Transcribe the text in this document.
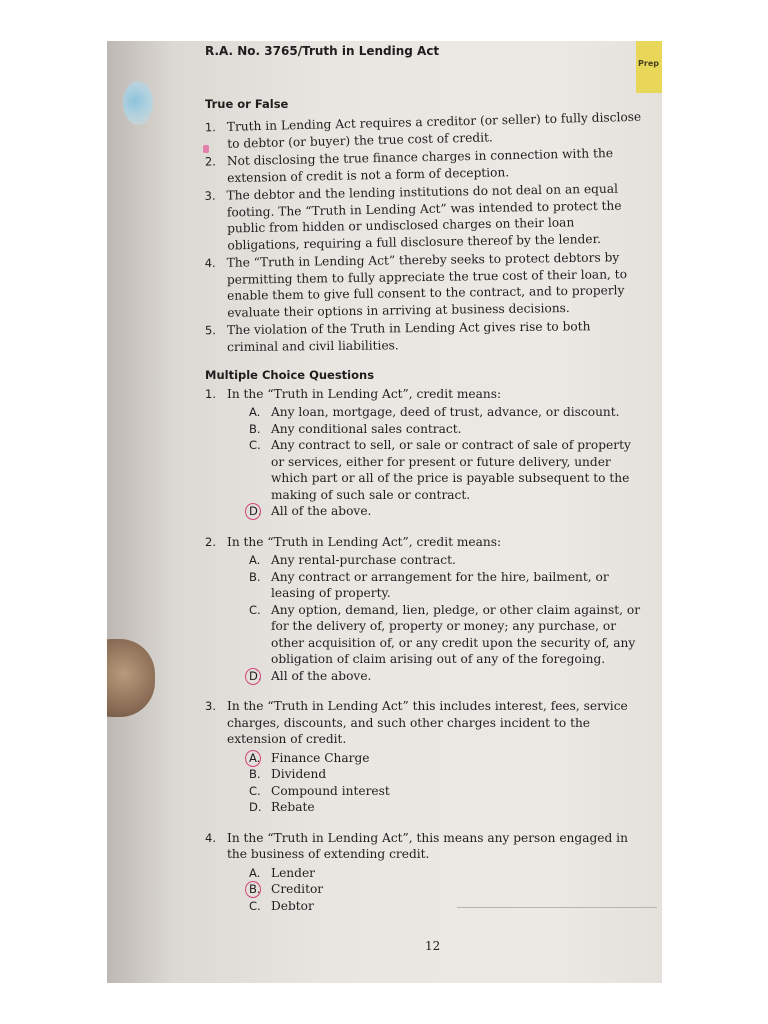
Prep
R.A. No. 3765/Truth in Lending Act
True or False
1. Truth in Lending Act requires a creditor (or seller) to fully disclose to debtor (or buyer) the true cost of credit.
2. Not disclosing the true finance charges in connection with the extension of credit is not a form of deception.
3. The debtor and the lending institutions do not deal on an equal footing. The “Truth in Lending Act” was intended to protect the public from hidden or undisclosed charges on their loan obligations, requiring a full disclosure thereof by the lender.
4. The “Truth in Lending Act” thereby seeks to protect debtors by permitting them to fully appreciate the true cost of their loan, to enable them to give full consent to the contract, and to properly evaluate their options in arriving at business decisions.
5. The violation of the Truth in Lending Act gives rise to both criminal and civil liabilities.
Multiple Choice Questions
1. In the “Truth in Lending Act”, credit means:
A. Any loan, mortgage, deed of trust, advance, or discount.
B. Any conditional sales contract.
C. Any contract to sell, or sale or contract of sale of property or services, either for present or future delivery, under which part or all of the price is payable subsequent to the making of such sale or contract.
D. All of the above.
2. In the “Truth in Lending Act”, credit means:
A. Any rental-purchase contract.
B. Any contract or arrangement for the hire, bailment, or leasing of property.
C. Any option, demand, lien, pledge, or other claim against, or for the delivery of, property or money; any purchase, or other acquisition of, or any credit upon the security of, any obligation of claim arising out of any of the foregoing.
D. All of the above.
3. In the “Truth in Lending Act” this includes interest, fees, service charges, discounts, and such other charges incident to the extension of credit.
A. Finance Charge
B. Dividend
C. Compound interest
D. Rebate
4. In the “Truth in Lending Act”, this means any person engaged in the business of extending credit.
A. Lender
B. Creditor
C. Debtor
12
